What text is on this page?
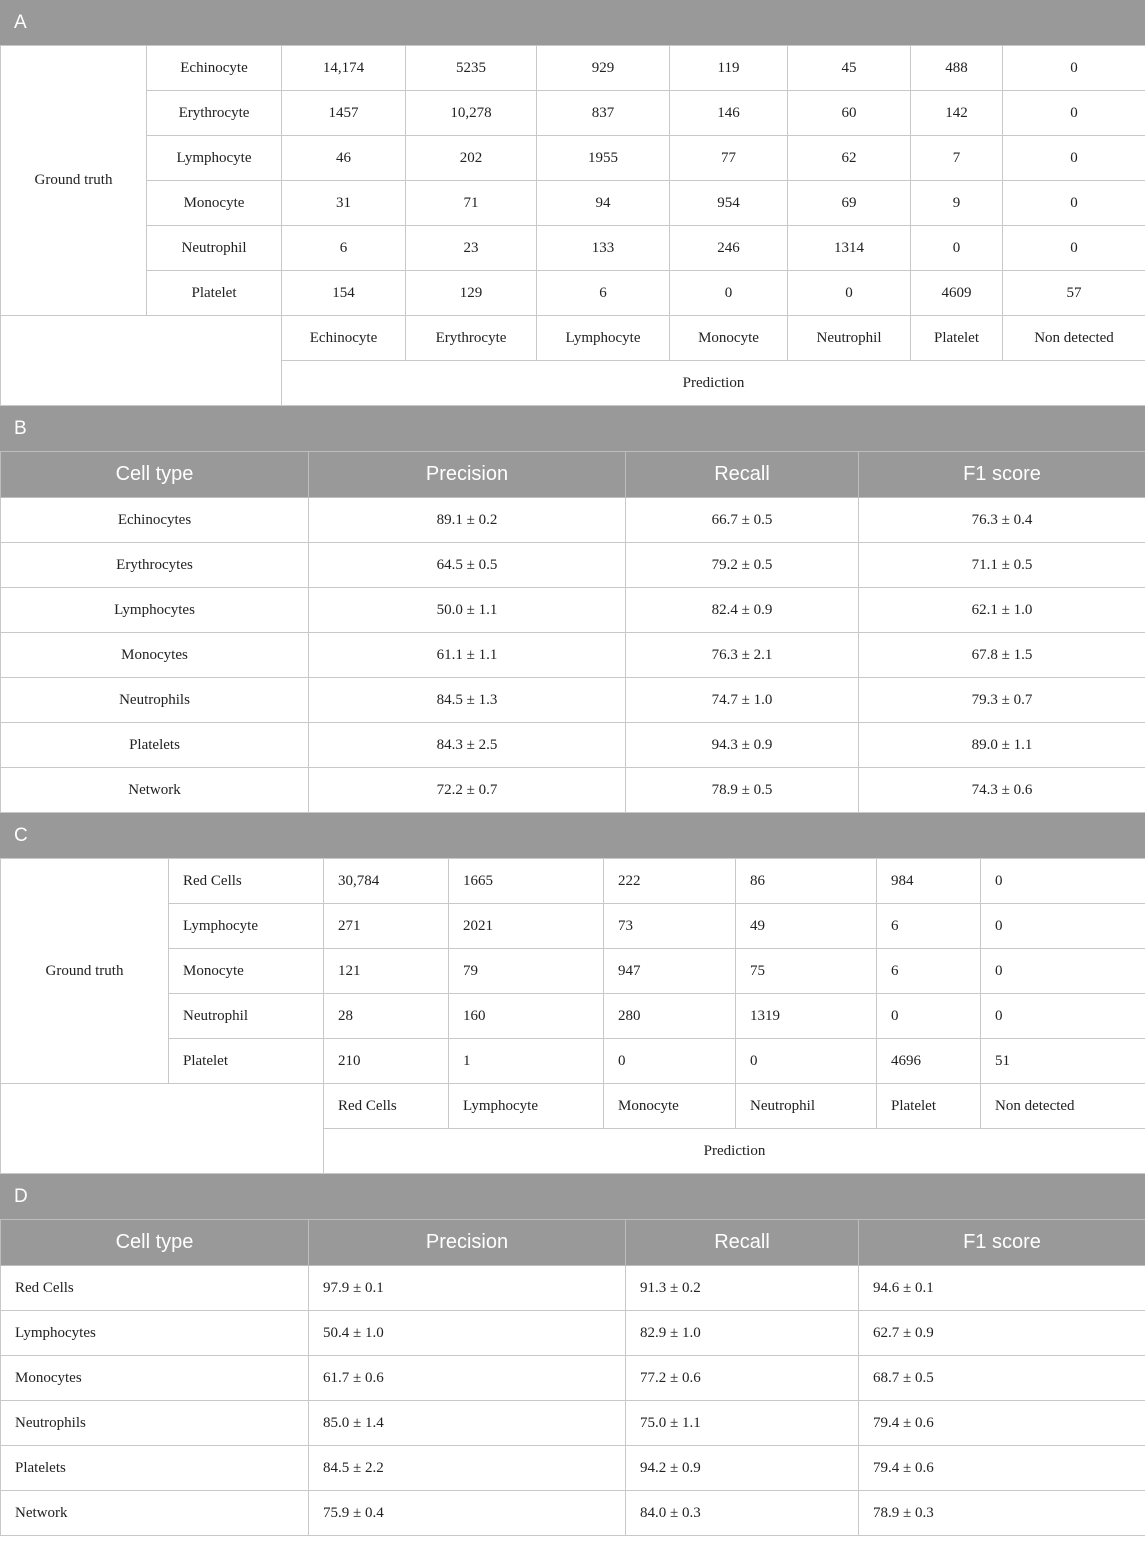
A
Ground truth	Echinocyte	14,174	5235	929	119	45	488	0
	Erythrocyte	1457	10,278	837	146	60	142	0
	Lymphocyte	46	202	1955	77	62	7	0
	Monocyte	31	71	94	954	69	9	0
	Neutrophil	6	23	133	246	1314	0	0
	Platelet	154	129	6	0	0	4609	57
		Echinocyte	Erythrocyte	Lymphocyte	Monocyte	Neutrophil	Platelet	Non detected
		Prediction						
B
Cell type	Precision	Recall	F1 score
Echinocytes	89.1 ± 0.2	66.7 ± 0.5	76.3 ± 0.4
Erythrocytes	64.5 ± 0.5	79.2 ± 0.5	71.1 ± 0.5
Lymphocytes	50.0 ± 1.1	82.4 ± 0.9	62.1 ± 1.0
Monocytes	61.1 ± 1.1	76.3 ± 2.1	67.8 ± 1.5
Neutrophils	84.5 ± 1.3	74.7 ± 1.0	79.3 ± 0.7
Platelets	84.3 ± 2.5	94.3 ± 0.9	89.0 ± 1.1
Network	72.2 ± 0.7	78.9 ± 0.5	74.3 ± 0.6
C
Ground truth	Red Cells	30,784	1665	222	86	984	0
	Lymphocyte	271	2021	73	49	6	0
	Monocyte	121	79	947	75	6	0
	Neutrophil	28	160	280	1319	0	0
	Platelet	210	1	0	0	4696	51
		Red Cells	Lymphocyte	Monocyte	Neutrophil	Platelet	Non detected
		Prediction					
D
Cell type	Precision	Recall	F1 score
Red Cells	97.9 ± 0.1	91.3 ± 0.2	94.6 ± 0.1
Lymphocytes	50.4 ± 1.0	82.9 ± 1.0	62.7 ± 0.9
Monocytes	61.7 ± 0.6	77.2 ± 0.6	68.7 ± 0.5
Neutrophils	85.0 ± 1.4	75.0 ± 1.1	79.4 ± 0.6
Platelets	84.5 ± 2.2	94.2 ± 0.9	79.4 ± 0.6
Network	75.9 ± 0.4	84.0 ± 0.3	78.9 ± 0.3
